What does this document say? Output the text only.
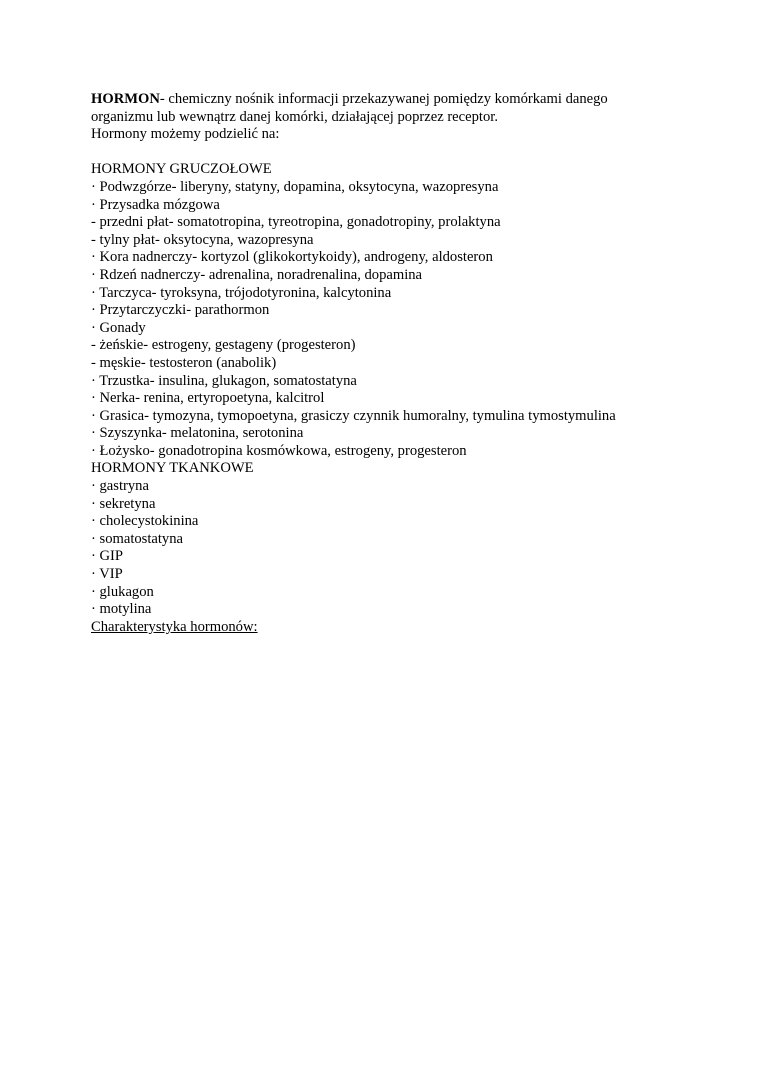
HORMON- chemiczny nośnik informacji przekazywanej pomiędzy komórkami danego
organizmu lub wewnątrz danej komórki, działającej poprzez receptor.
Hormony możemy podzielić na:
HORMONY GRUCZOŁOWE
· Podwzgórze- liberyny, statyny, dopamina, oksytocyna, wazopresyna
· Przysadka mózgowa
- przedni płat- somatotropina, tyreotropina, gonadotropiny, prolaktyna
- tylny płat- oksytocyna, wazopresyna
· Kora nadnerczy- kortyzol (glikokortykoidy), androgeny, aldosteron
· Rdzeń nadnerczy- adrenalina, noradrenalina, dopamina
· Tarczyca- tyroksyna, trójodotyronina, kalcytonina
· Przytarczyczki- parathormon
· Gonady
- żeńskie- estrogeny, gestageny (progesteron)
- męskie- testosteron (anabolik)
· Trzustka- insulina, glukagon, somatostatyna
· Nerka- renina, ertyropoetyna, kalcitrol
· Grasica- tymozyna, tymopoetyna, grasiczy czynnik humoralny, tymulina tymostymulina
· Szyszynka- melatonina, serotonina
· Łożysko- gonadotropina kosmówkowa, estrogeny, progesteron
HORMONY TKANKOWE
· gastryna
· sekretyna
· cholecystokinina
· somatostatyna
· GIP
· VIP
· glukagon
· motylina
Charakterystyka hormonów:
